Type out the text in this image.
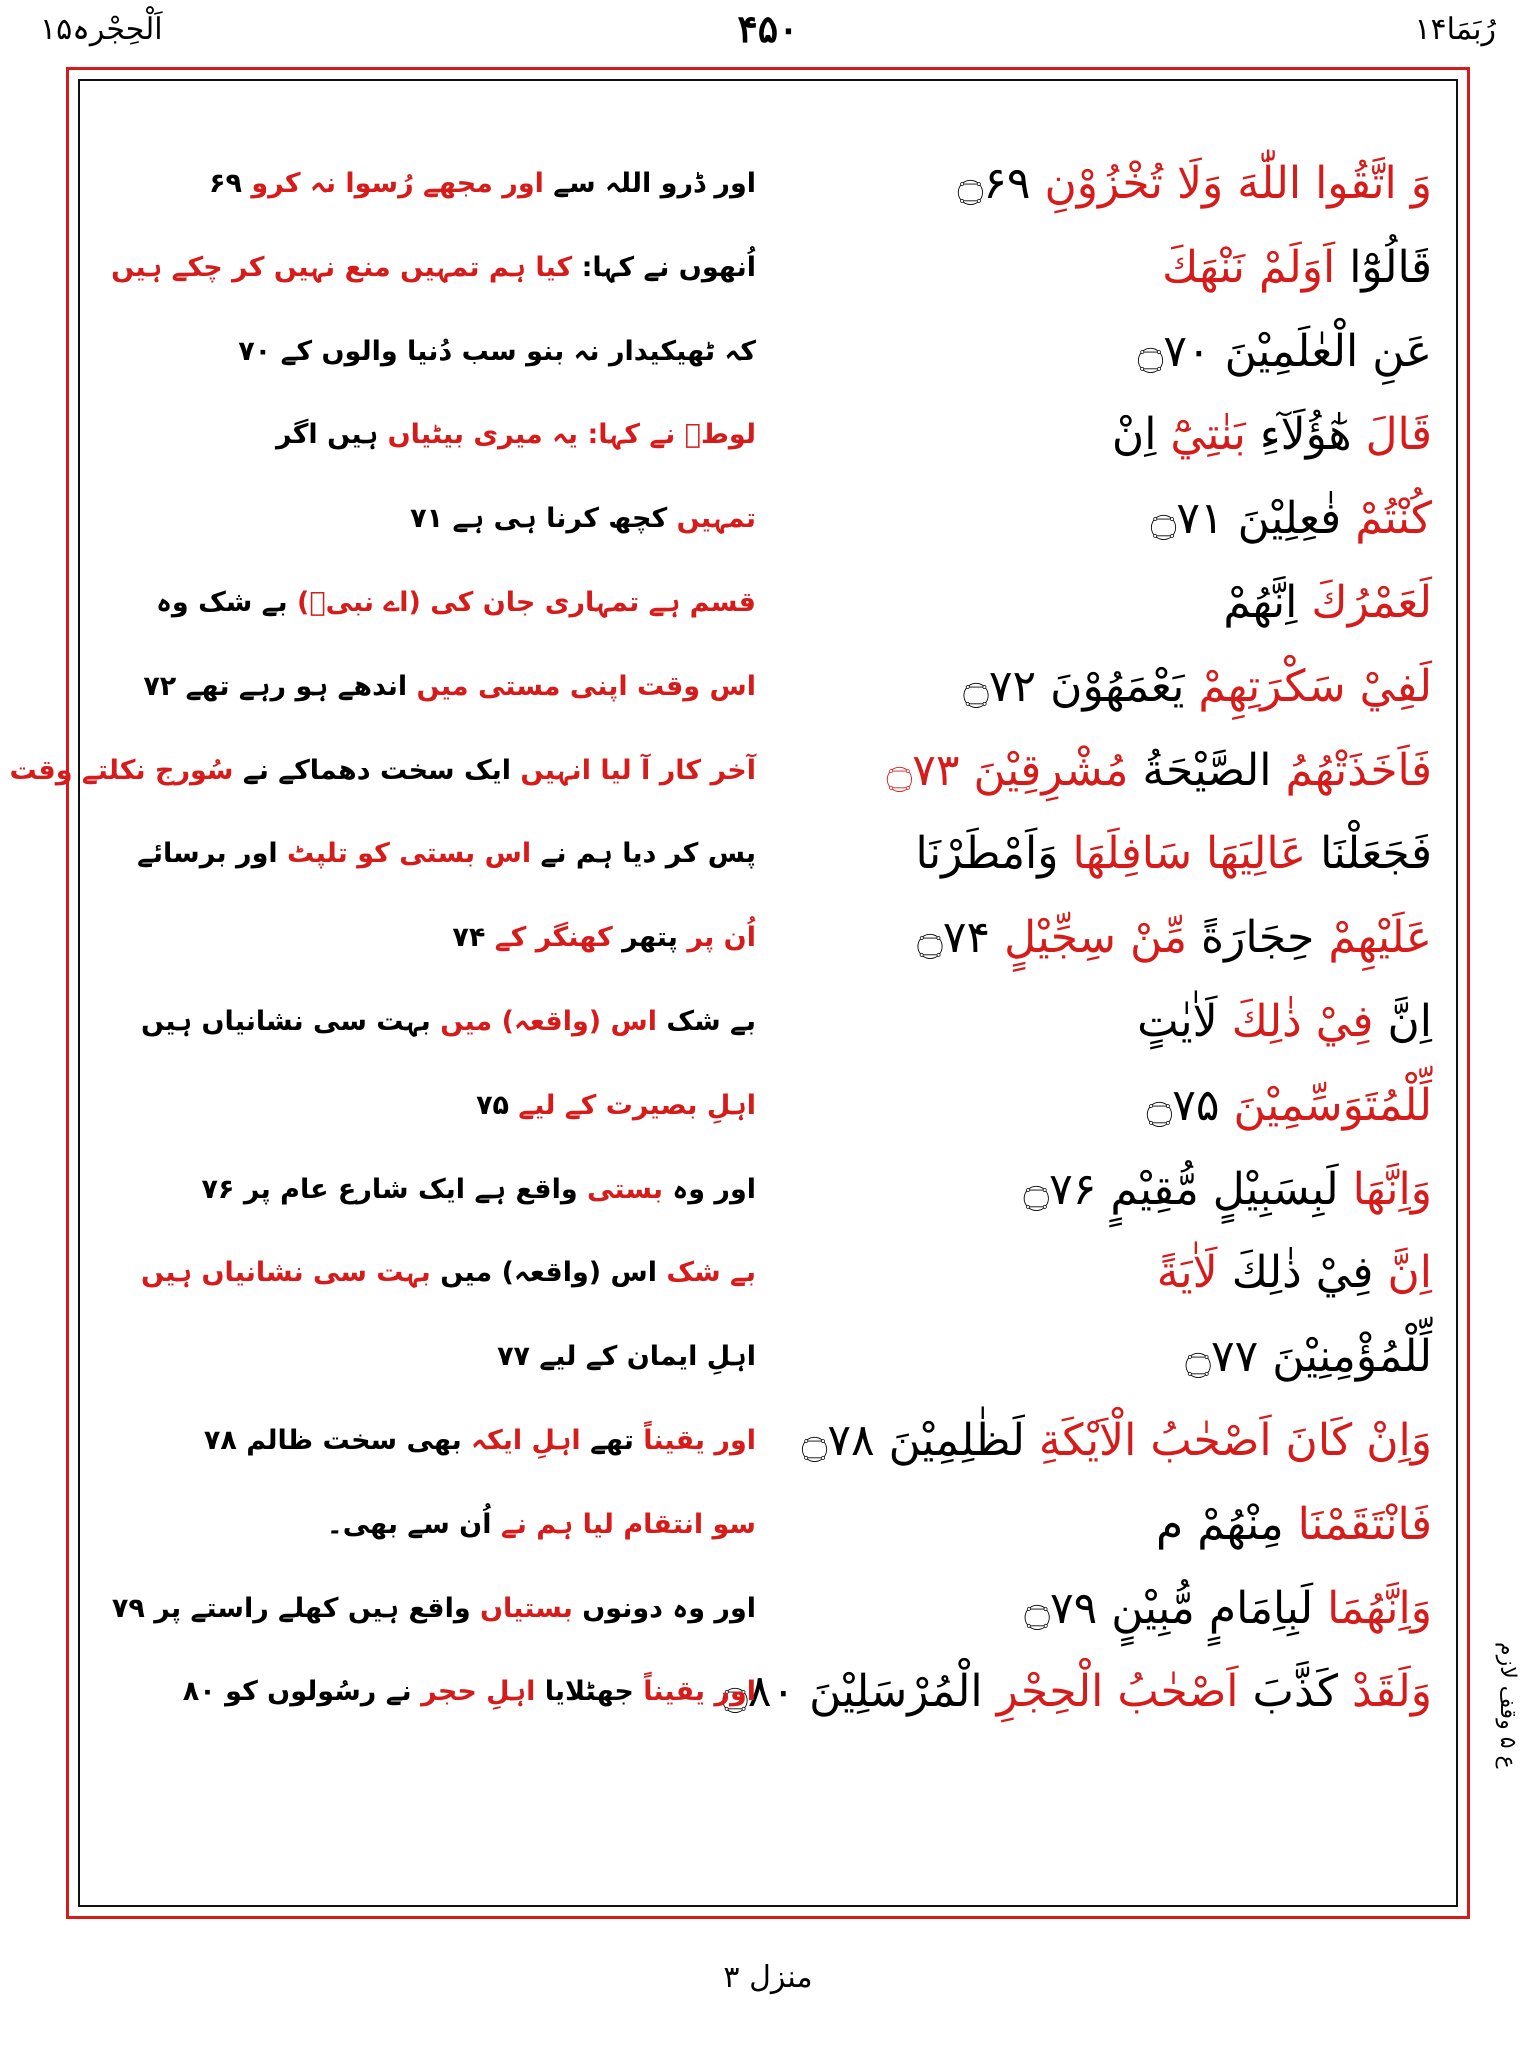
اَلْحِجْرہ۱۵	۴۵۰	رُبَمَا۱۴
وَ اتَّقُوا اللّٰهَ وَلَا تُخْزُوْنِ ۝۶۹
اور ڈرو اللہ سے اور مجھے رُسوا نہ کرو ۶۹
قَالُوْٓا اَوَلَمْ نَنْهَكَ
اُنھوں نے کہا: کیا ہم تمہیں منع نہیں کر چکے ہیں
عَنِ الْعٰلَمِيْنَ ۝۷۰
کہ ٹھیکیدار نہ بنو سب دُنیا والوں کے ۷۰
قَالَ هٰٓؤُلَآءِ بَنٰتِيْٓ اِنْ
لوطؑ نے کہا: یہ میری بیٹیاں ہیں اگر
كُنْتُمْ فٰعِلِيْنَ ۝۷۱
تمہیں کچھ کرنا ہی ہے ۷۱
لَعَمْرُكَ اِنَّهُمْ
قسم ہے تمہاری جان کی (اے نبیؐ) بے شک وہ
لَفِيْ سَكْرَتِهِمْ يَعْمَهُوْنَ ۝۷۲
اس وقت اپنی مستی میں اندھے ہو رہے تھے ۷۲
فَاَخَذَتْهُمُ الصَّيْحَةُ مُشْرِقِيْنَ ۝۷۳
آخر کار آ لیا انہیں ایک سخت دھماکے نے سُورج نکلتے وقت
فَجَعَلْنَا عَالِيَهَا سَافِلَهَا وَاَمْطَرْنَا
پس کر دیا ہم نے اس بستی کو تلپٹ اور برسائے
عَلَيْهِمْ حِجَارَةً مِّنْ سِجِّيْلٍ ۝۷۴
اُن پر پتھر کھنگر کے ۷۴
اِنَّ فِيْ ذٰلِكَ لَاٰيٰتٍ
بے شک اس (واقعہ) میں بہت سی نشانیاں ہیں
لِّلْمُتَوَسِّمِيْنَ ۝۷۵
اہلِ بصیرت کے لیے ۷۵
وَاِنَّهَا لَبِسَبِيْلٍ مُّقِيْمٍ ۝۷۶
اور وہ بستی واقع ہے ایک شارع عام پر ۷۶
اِنَّ فِيْ ذٰلِكَ لَاٰيَةً
بے شک اس (واقعہ) میں بہت سی نشانیاں ہیں
لِّلْمُؤْمِنِيْنَ ۝۷۷
اہلِ ایمان کے لیے ۷۷
وَاِنْ كَانَ اَصْحٰبُ الْاَيْكَةِ لَظٰلِمِيْنَ ۝۷۸
اور یقیناً تھے اہلِ ایکہ بھی سخت ظالم ۷۸
فَانْتَقَمْنَا مِنْهُمْ م
سو انتقام لیا ہم نے اُن سے بھی۔
وَاِنَّهُمَا لَبِاِمَامٍ مُّبِيْنٍ ۝۷۹
اور وہ دونوں بستیاں واقع ہیں کھلے راستے پر ۷۹
وَلَقَدْ كَذَّبَ اَصْحٰبُ الْحِجْرِ الْمُرْسَلِيْنَ ۝۸۰
اور یقیناً جھٹلایا اہلِ حجر نے رسُولوں کو ۸۰	ع ۵ وقف لازم
منزل ۳
